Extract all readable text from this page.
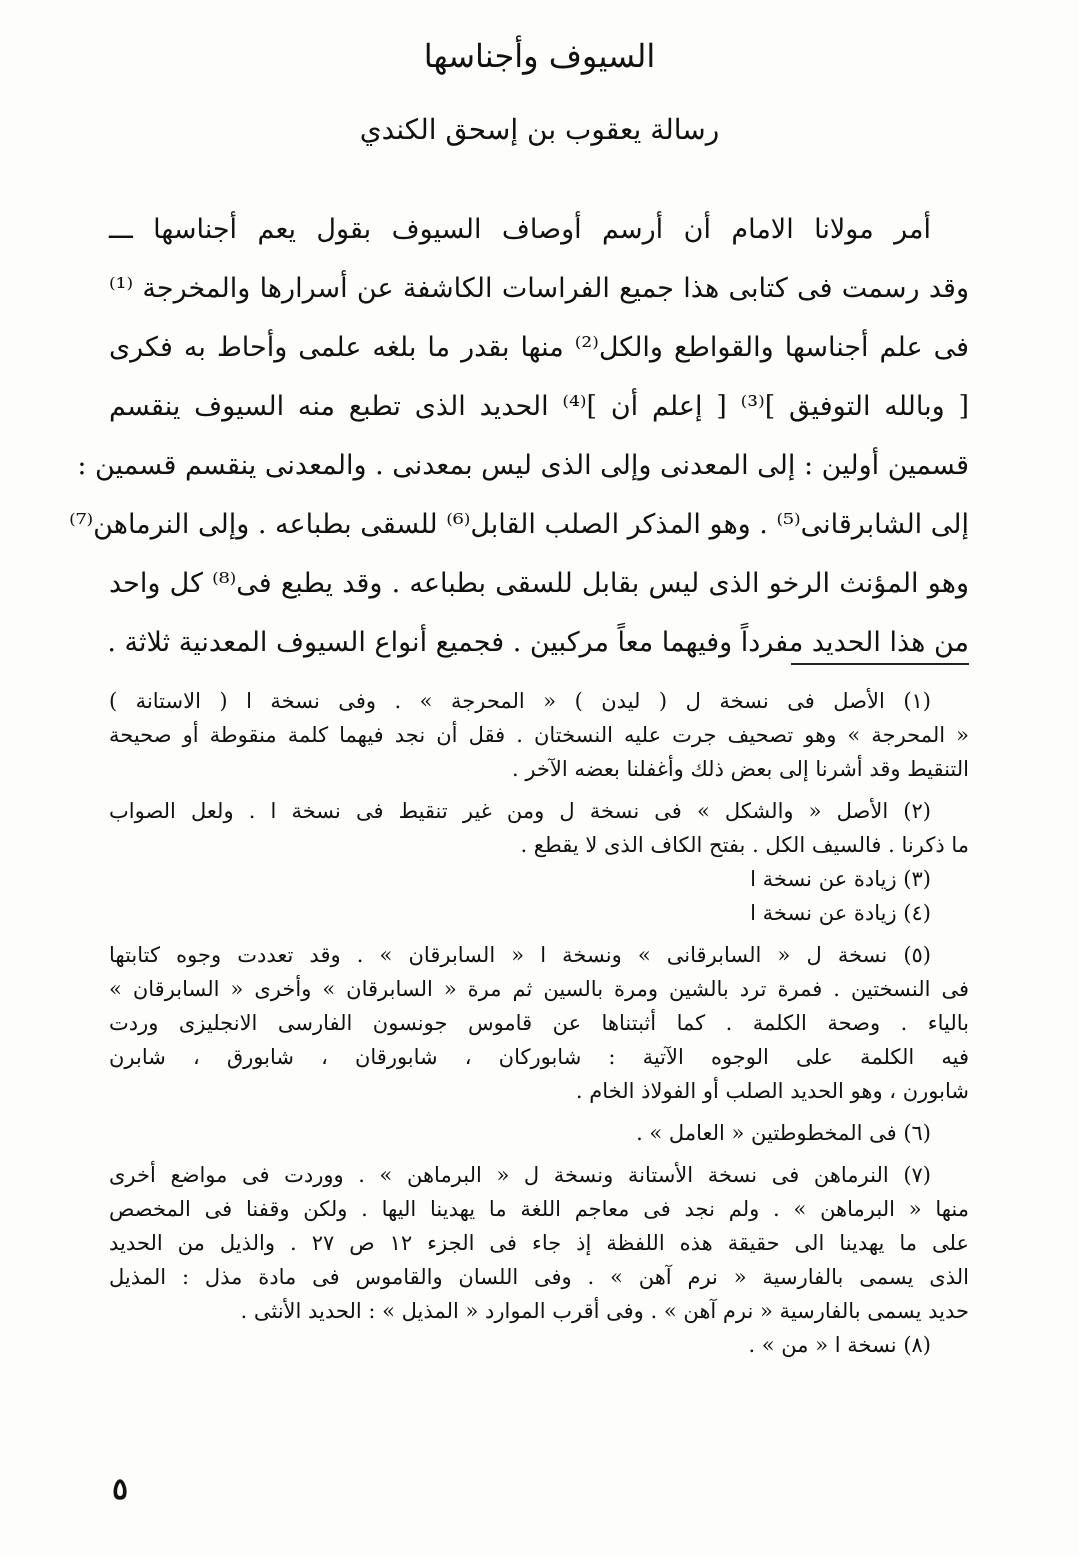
السيوف وأجناسها
رسالة يعقوب بن إسحق الكندي
أمر مولانا الامام أن أرسم أوصاف السيوف بقول يعم أجناسها ـــ
وقد رسمت فى كتابى هذا جميع الفراسات الكاشفة عن أسرارها والمخرجة ⁽¹⁾
فى علم أجناسها والقواطع والكل⁽²⁾ منها بقدر ما بلغه علمى وأحاط به فكرى
[ وبالله التوفيق ]⁽³⁾ [ إعلم أن ]⁽⁴⁾ الحديد الذى تطبع منه السيوف ينقسم
قسمين أولين : إلى المعدنى وإلى الذى ليس بمعدنى . والمعدنى ينقسم قسمين :
إلى الشابرقانى⁽⁵⁾ . وهو المذكر الصلب القابل⁽⁶⁾ للسقى بطباعه . وإلى النرماهن⁽⁷⁾
وهو المؤنث الرخو الذى ليس بقابل للسقى بطباعه . وقد يطبع فى⁽⁸⁾ كل واحد
من هذا الحديد مفرداً وفيهما معاً مركبين . فجميع أنواع السيوف المعدنية ثلاثة .
(١) الأصل فى نسخة ل ( ليدن ) « المحرجة » . وفى نسخة ا ( الاستانة )
« المحرجة » وهو تصحيف جرت عليه النسختان . فقل أن نجد فيهما كلمة منقوطة أو صحيحة
التنقيط وقد أشرنا إلى بعض ذلك وأغفلنا بعضه الآخر .
(٢) الأصل « والشكل » فى نسخة ل ومن غير تنقيط فى نسخة ا . ولعل الصواب
ما ذكرنا . فالسيف الكل . بفتح الكاف الذى لا يقطع .
(٣) زيادة عن نسخة ا
(٤) زيادة عن نسخة ا
(٥) نسخة ل « السابرقانى » ونسخة ا « السابرقان » . وقد تعددت وجوه كتابتها
فى النسختين . فمرة ترد بالشين ومرة بالسين ثم مرة « السابرقان » وأخرى « السابرقان »
بالياء . وصحة الكلمة . كما أثبتناها عن قاموس جونسون الفارسى الانجليزى وردت
فيه الكلمة على الوجوه الآتية : شابوركان ، شابورقان ، شابورق ، شابرن
شابورن ، وهو الحديد الصلب أو الفولاذ الخام .
(٦) فى المخطوطتين « العامل » .
(٧) النرماهن فى نسخة الأستانة ونسخة ل « البرماهن » . ووردت فى مواضع أخرى
منها « البرماهن » . ولم نجد فى معاجم اللغة ما يهدينا اليها . ولكن وقفنا فى المخصص
على ما يهدينا الى حقيقة هذه اللفظة إذ جاء فى الجزء ١٢ ص ٢٧ . والذيل من الحديد
الذى يسمى بالفارسية « نرم آهن » . وفى اللسان والقاموس فى مادة مذل : المذيل
حديد يسمى بالفارسية « نرم آهن » . وفى أقرب الموارد « المذيل » : الحديد الأنثى .
(٨) نسخة ا « من » .
٥
